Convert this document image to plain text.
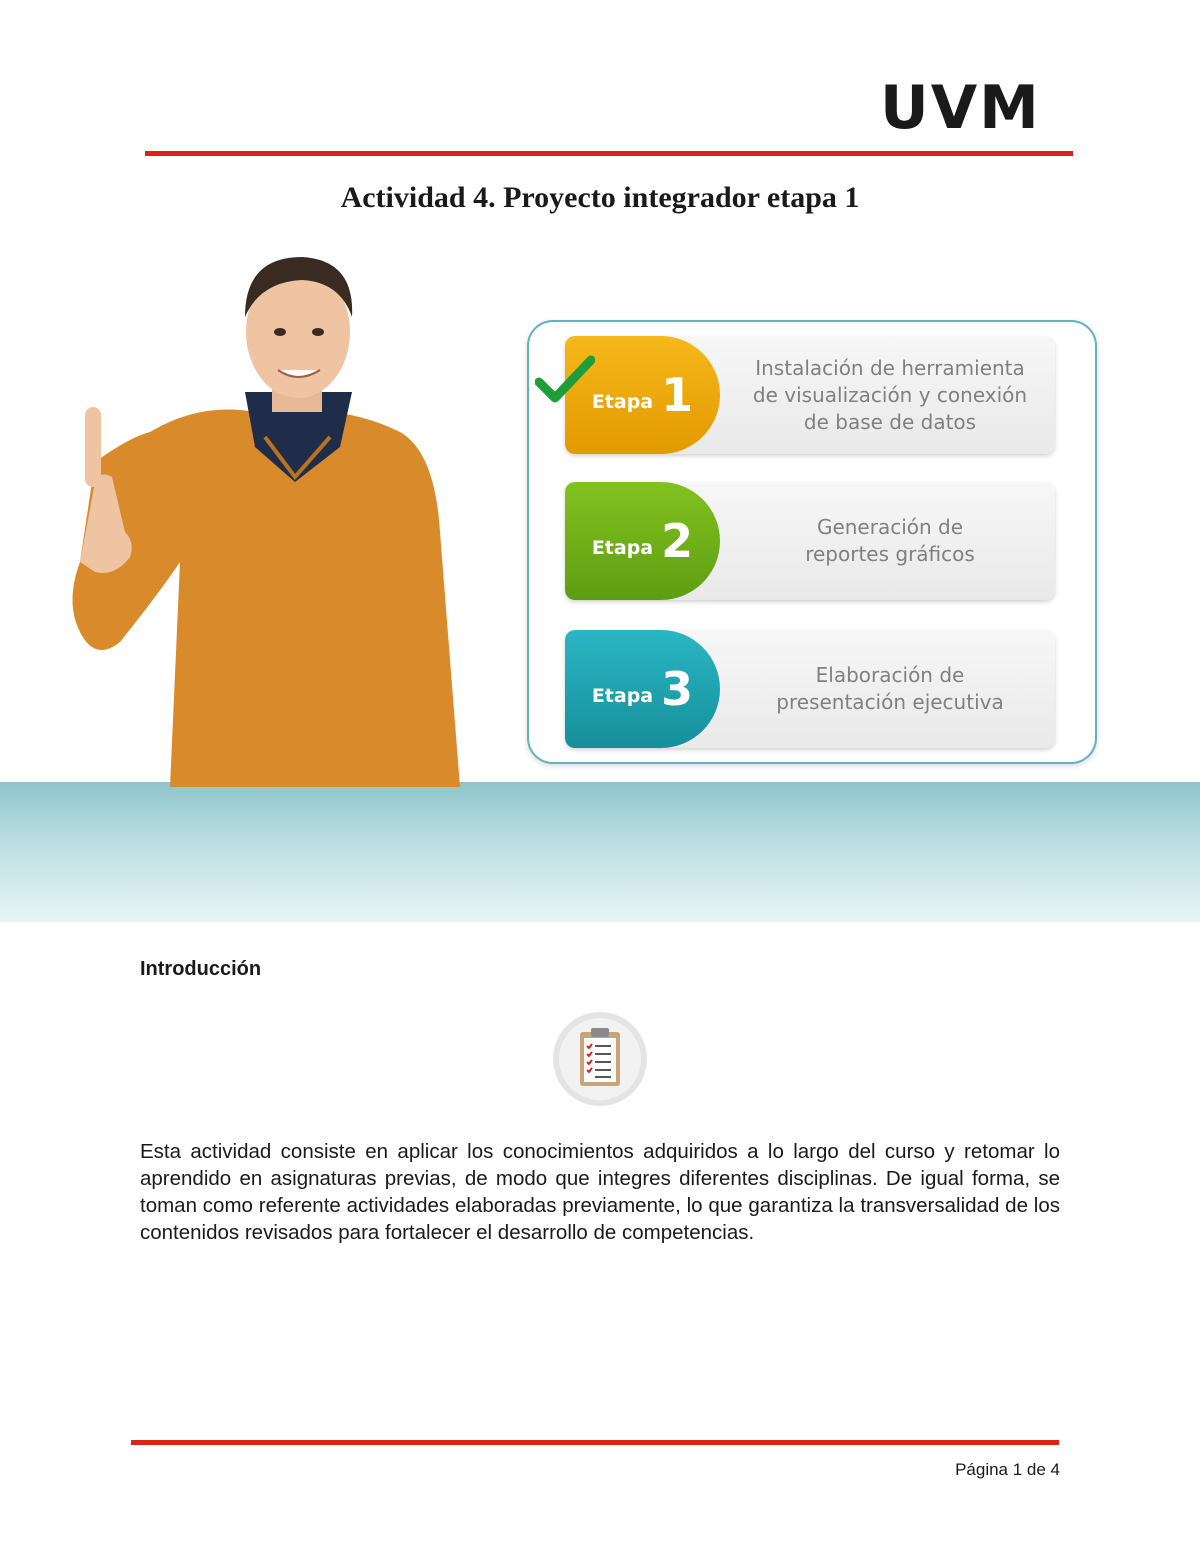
UVM
Actividad 4. Proyecto integrador etapa 1
Etapa 1
Instalación de herramienta
de visualización y conexión
de base de datos
Etapa 2	Generación de
reportes gráficos
Etapa 3	Elaboración de
presentación ejecutiva
Introducción

Esta actividad consiste en aplicar los conocimientos adquiridos a lo largo del curso y retomar lo aprendido en asignaturas previas, de modo que integres diferentes disciplinas. De igual forma, se toman como referente actividades elaboradas previamente, lo que garantiza la transversalidad de los contenidos revisados para fortalecer el desarrollo de competencias.

Página 1 de 4
